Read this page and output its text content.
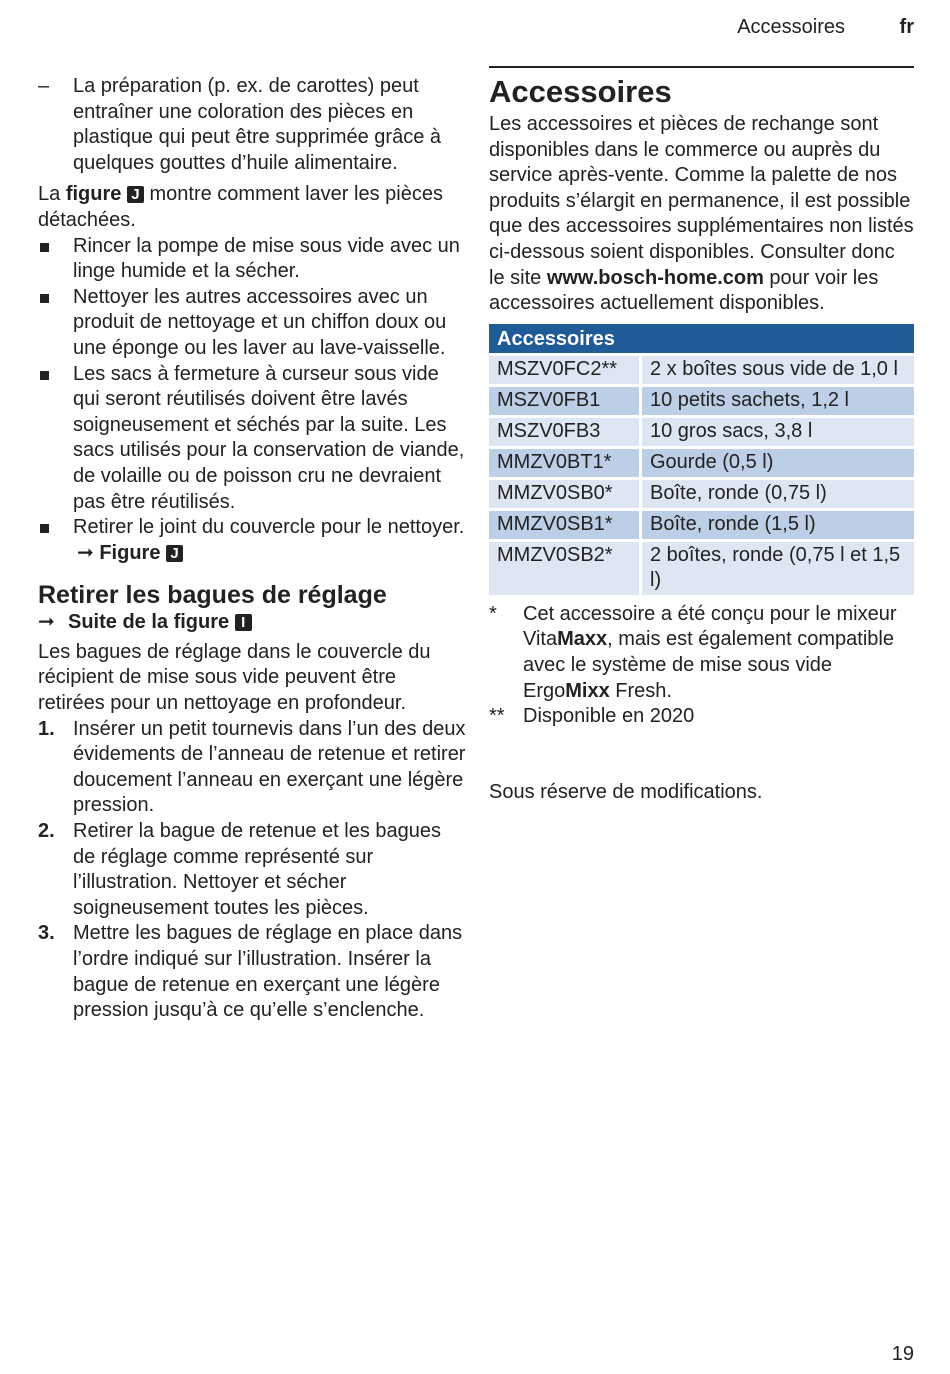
Accessoires	fr
–	La préparation (p. ex. de carottes) peut entraîner une coloration des pièces en plastique qui peut être supprimée grâce à quelques gouttes d’huile alimentaire.

La figure J montre comment laver les pièces détachées.

Rincer la pompe de mise sous vide avec un linge humide et la sécher.
Nettoyer les autres accessoires avec un produit de nettoyage et un chiffon doux ou une éponge ou les laver au lave-vaisselle.
Les sacs à fermeture à curseur sous vide qui seront réutilisés doivent être lavés soigneusement et séchés par la suite. Les sacs utilisés pour la conservation de viande, de volaille ou de poisson cru ne devraient pas être réutilisés.
Retirer le joint du couvercle pour le nettoyer. ➞ Figure J
Retirer les bagues de réglage
➞ Suite de la figure I

Les bagues de réglage dans le couvercle du récipient de mise sous vide peuvent être retirées pour un nettoyage en profondeur.

1. Insérer un petit tournevis dans l’un des deux évidements de l’anneau de retenue et retirer doucement l’anneau en exerçant une légère pression.
2. Retirer la bague de retenue et les bagues de réglage comme représenté sur l’illustration. Nettoyer et sécher soigneusement toutes les pièces.
3. Mettre les bagues de réglage en place dans l’ordre indiqué sur l’illustration. Insérer la bague de retenue en exerçant une légère pression jusqu’à ce qu’elle s’enclenche.
Accessoires

Les accessoires et pièces de rechange sont disponibles dans le commerce ou auprès du service après-vente. Comme la palette de nos produits s’élargit en permanence, il est possible que des accessoires supplémentaires non listés ci-dessous soient disponibles. Consulter donc le site www.bosch-home.com pour voir les accessoires actuellement disponibles.

Accessoires	
MSZV0FC2**	2 x boîtes sous vide de 1,0 l
MSZV0FB1	10 petits sachets, 1,2 l
MSZV0FB3	10 gros sacs, 3,8 l
MMZV0BT1*	Gourde (0,5 l)
MMZV0SB0*	Boîte, ronde (0,75 l)
MMZV0SB1*	Boîte, ronde (1,5 l)
MMZV0SB2*	2 boîtes, ronde (0,75 l et 1,5 l)
*	Cet accessoire a été conçu pour le mixeur VitaMaxx, mais est également compatible avec le système de mise sous vide ErgoMixx Fresh.
** Disponible en 2020

Sous réserve de modifications.

19
